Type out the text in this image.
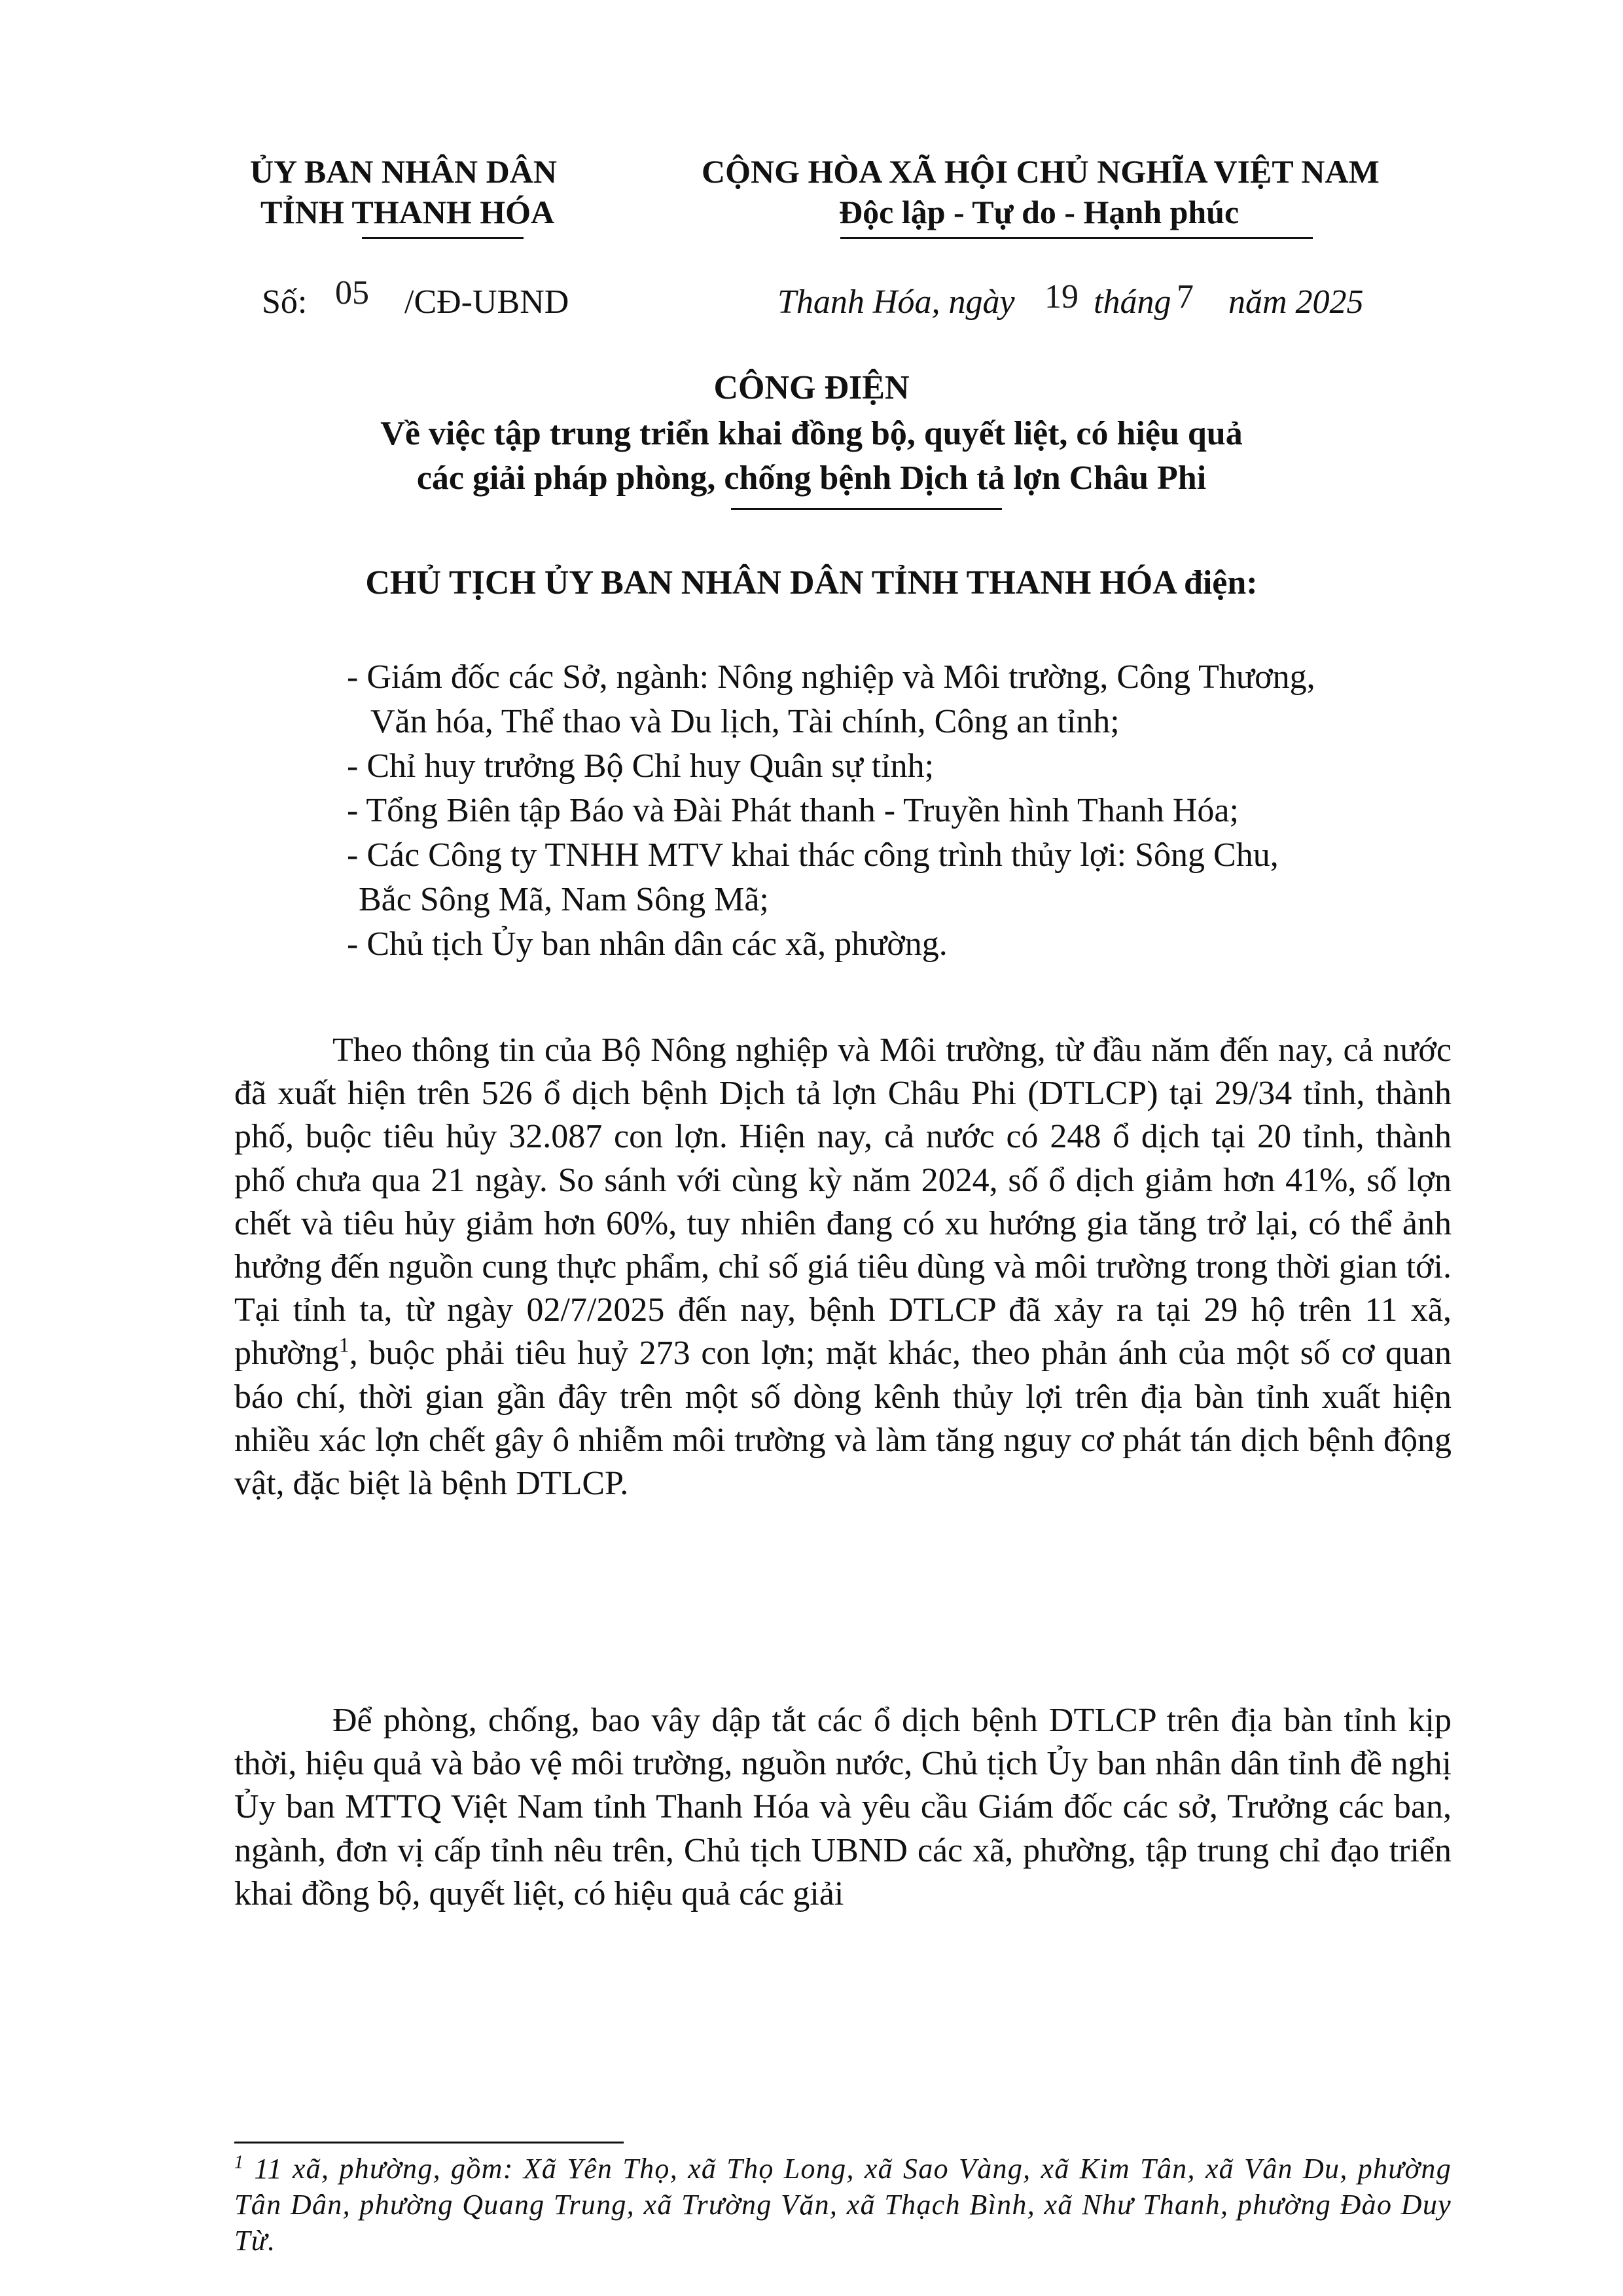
ỦY BAN NHÂN DÂN
TỈNH THANH HÓA
CỘNG HÒA XÃ HỘI CHỦ NGHĨA VIỆT NAM
Độc lập - Tự do - Hạnh phúc
Số: 05 /CĐ-UBND	Thanh Hóa, ngày 19 tháng 7 năm 2025
CÔNG ĐIỆN
Về việc tập trung triển khai đồng bộ, quyết liệt, có hiệu quả
các giải pháp phòng, chống bệnh Dịch tả lợn Châu Phi
CHỦ TỊCH ỦY BAN NHÂN DÂN TỈNH THANH HÓA điện:
- Giám đốc các Sở, ngành: Nông nghiệp và Môi trường, Công Thương,
Văn hóa, Thể thao và Du lịch, Tài chính, Công an tỉnh;
- Chỉ huy trưởng Bộ Chỉ huy Quân sự tỉnh;
- Tổng Biên tập Báo và Đài Phát thanh - Truyền hình Thanh Hóa;
- Các Công ty TNHH MTV khai thác công trình thủy lợi: Sông Chu,
Bắc Sông Mã, Nam Sông Mã;
- Chủ tịch Ủy ban nhân dân các xã, phường.
Theo thông tin của Bộ Nông nghiệp và Môi trường, từ đầu năm đến nay, cả nước đã xuất hiện trên 526 ổ dịch bệnh Dịch tả lợn Châu Phi (DTLCP) tại 29/34 tỉnh, thành phố, buộc tiêu hủy 32.087 con lợn. Hiện nay, cả nước có 248 ổ dịch tại 20 tỉnh, thành phố chưa qua 21 ngày. So sánh với cùng kỳ năm 2024, số ổ dịch giảm hơn 41%, số lợn chết và tiêu hủy giảm hơn 60%, tuy nhiên đang có xu hướng gia tăng trở lại, có thể ảnh hưởng đến nguồn cung thực phẩm, chỉ số giá tiêu dùng và môi trường trong thời gian tới. Tại tỉnh ta, từ ngày 02/7/2025 đến nay, bệnh DTLCP đã xảy ra tại 29 hộ trên 11 xã, phường$^1$, buộc phải tiêu huỷ 273 con lợn; mặt khác, theo phản ánh của một số cơ quan báo chí, thời gian gần đây trên một số dòng kênh thủy lợi trên địa bàn tỉnh xuất hiện nhiều xác lợn chết gây ô nhiễm môi trường và làm tăng nguy cơ phát tán dịch bệnh động vật, đặc biệt là bệnh DTLCP.
Để phòng, chống, bao vây dập tắt các ổ dịch bệnh DTLCP trên địa bàn tỉnh kịp thời, hiệu quả và bảo vệ môi trường, nguồn nước, Chủ tịch Ủy ban nhân dân tỉnh đề nghị Ủy ban MTTQ Việt Nam tỉnh Thanh Hóa và yêu cầu Giám đốc các sở, Trưởng các ban, ngành, đơn vị cấp tỉnh nêu trên, Chủ tịch UBND các xã, phường, tập trung chỉ đạo triển khai đồng bộ, quyết liệt, có hiệu quả các giải
$^1$ 11 xã, phường, gồm: Xã Yên Thọ, xã Thọ Long, xã Sao Vàng, xã Kim Tân, xã Vân Du, phường Tân Dân, phường Quang Trung, xã Trường Văn, xã Thạch Bình, xã Như Thanh, phường Đào Duy Từ.
